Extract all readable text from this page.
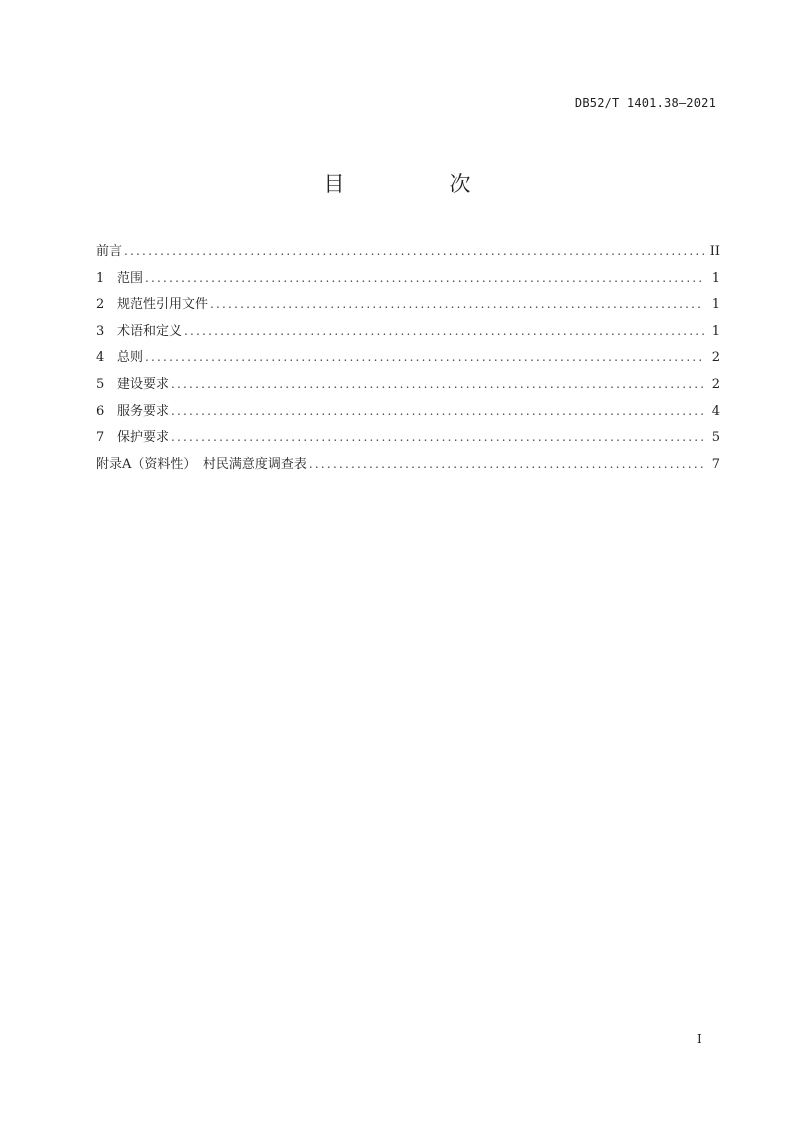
DB52/T 1401.38—2021
目　次
前言 .....	II
1 范围 .....	1
2 规范性引用文件 .....	1
3 术语和定义 .....	1
4 总则 .....	2
5 建设要求 .....	2
6 服务要求 .....	4
7 保护要求 .....	5
附录A（资料性）　村民满意度调查表 .....	7
I
